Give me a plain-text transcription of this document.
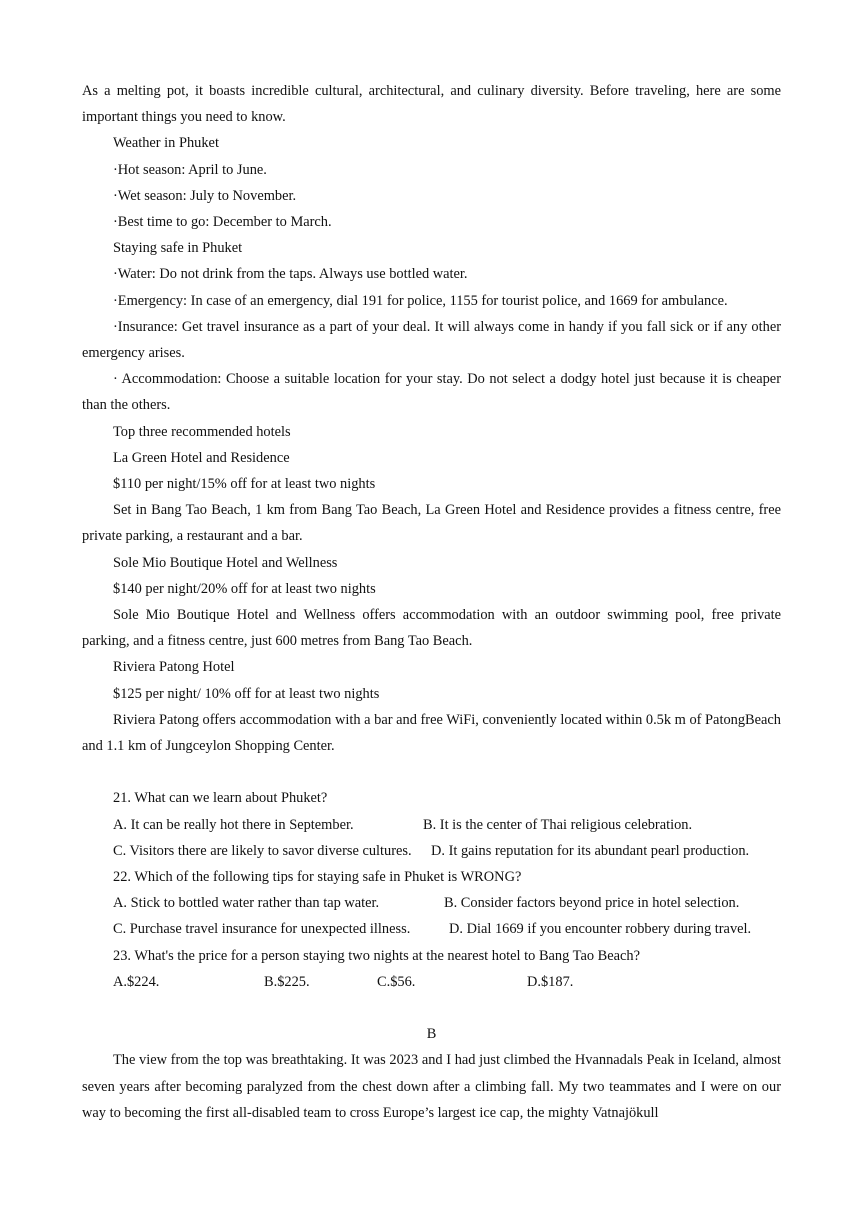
As a melting pot, it boasts incredible cultural, architectural, and culinary diversity. Before traveling, here are some important things you need to know.

Weather in Phuket

·Hot season: April to June.

·Wet season: July to November.

·Best time to go: December to March.

Staying safe in Phuket

·Water: Do not drink from the taps. Always use bottled water.

·Emergency: In case of an emergency, dial 191 for police, 1155 for tourist police, and 1669 for ambulance.

·Insurance: Get travel insurance as a part of your deal. It will always come in handy if you fall sick or if any other emergency arises.

· Accommodation: Choose a suitable location for your stay. Do not select a dodgy hotel just because it is cheaper than the others.

Top three recommended hotels

La Green Hotel and Residence

$110 per night/15% off for at least two nights

Set in Bang Tao Beach, 1 km from Bang Tao Beach, La Green Hotel and Residence provides a fitness centre, free private parking, a restaurant and a bar.

Sole Mio Boutique Hotel and Wellness

$140 per night/20% off for at least two nights

Sole Mio Boutique Hotel and Wellness offers accommodation with an outdoor swimming pool, free private parking, and a fitness centre, just 600 metres from Bang Tao Beach.

Riviera Patong Hotel

$125 per night/ 10% off for at least two nights

Riviera Patong offers accommodation with a bar and free WiFi, conveniently located within 0.5k m of PatongBeach and 1.1 km of Jungceylon Shopping Center.

21. What can we learn about Phuket?

A. It can be really hot there in September.	B. It is the center of Thai religious celebration.
C. Visitors there are likely to savor diverse cultures.	D. It gains reputation for its abundant pearl production.

22. Which of the following tips for staying safe in Phuket is WRONG?

A. Stick to bottled water rather than tap water.	B. Consider factors beyond price in hotel selection.
C. Purchase travel insurance for unexpected illness.	D. Dial 1669 if you encounter robbery during travel.

23. What's the price for a person staying two nights at the nearest hotel to Bang Tao Beach?

A.$224.	B.$225.	C.$56.	D.$187.

B

The view from the top was breathtaking. It was 2023 and I had just climbed the Hvannadals Peak in Iceland, almost seven years after becoming paralyzed from the chest down after a climbing fall. My two teammates and I were on our way to becoming the first all-disabled team to cross Europe’s largest ice cap, the mighty Vatnajökull
